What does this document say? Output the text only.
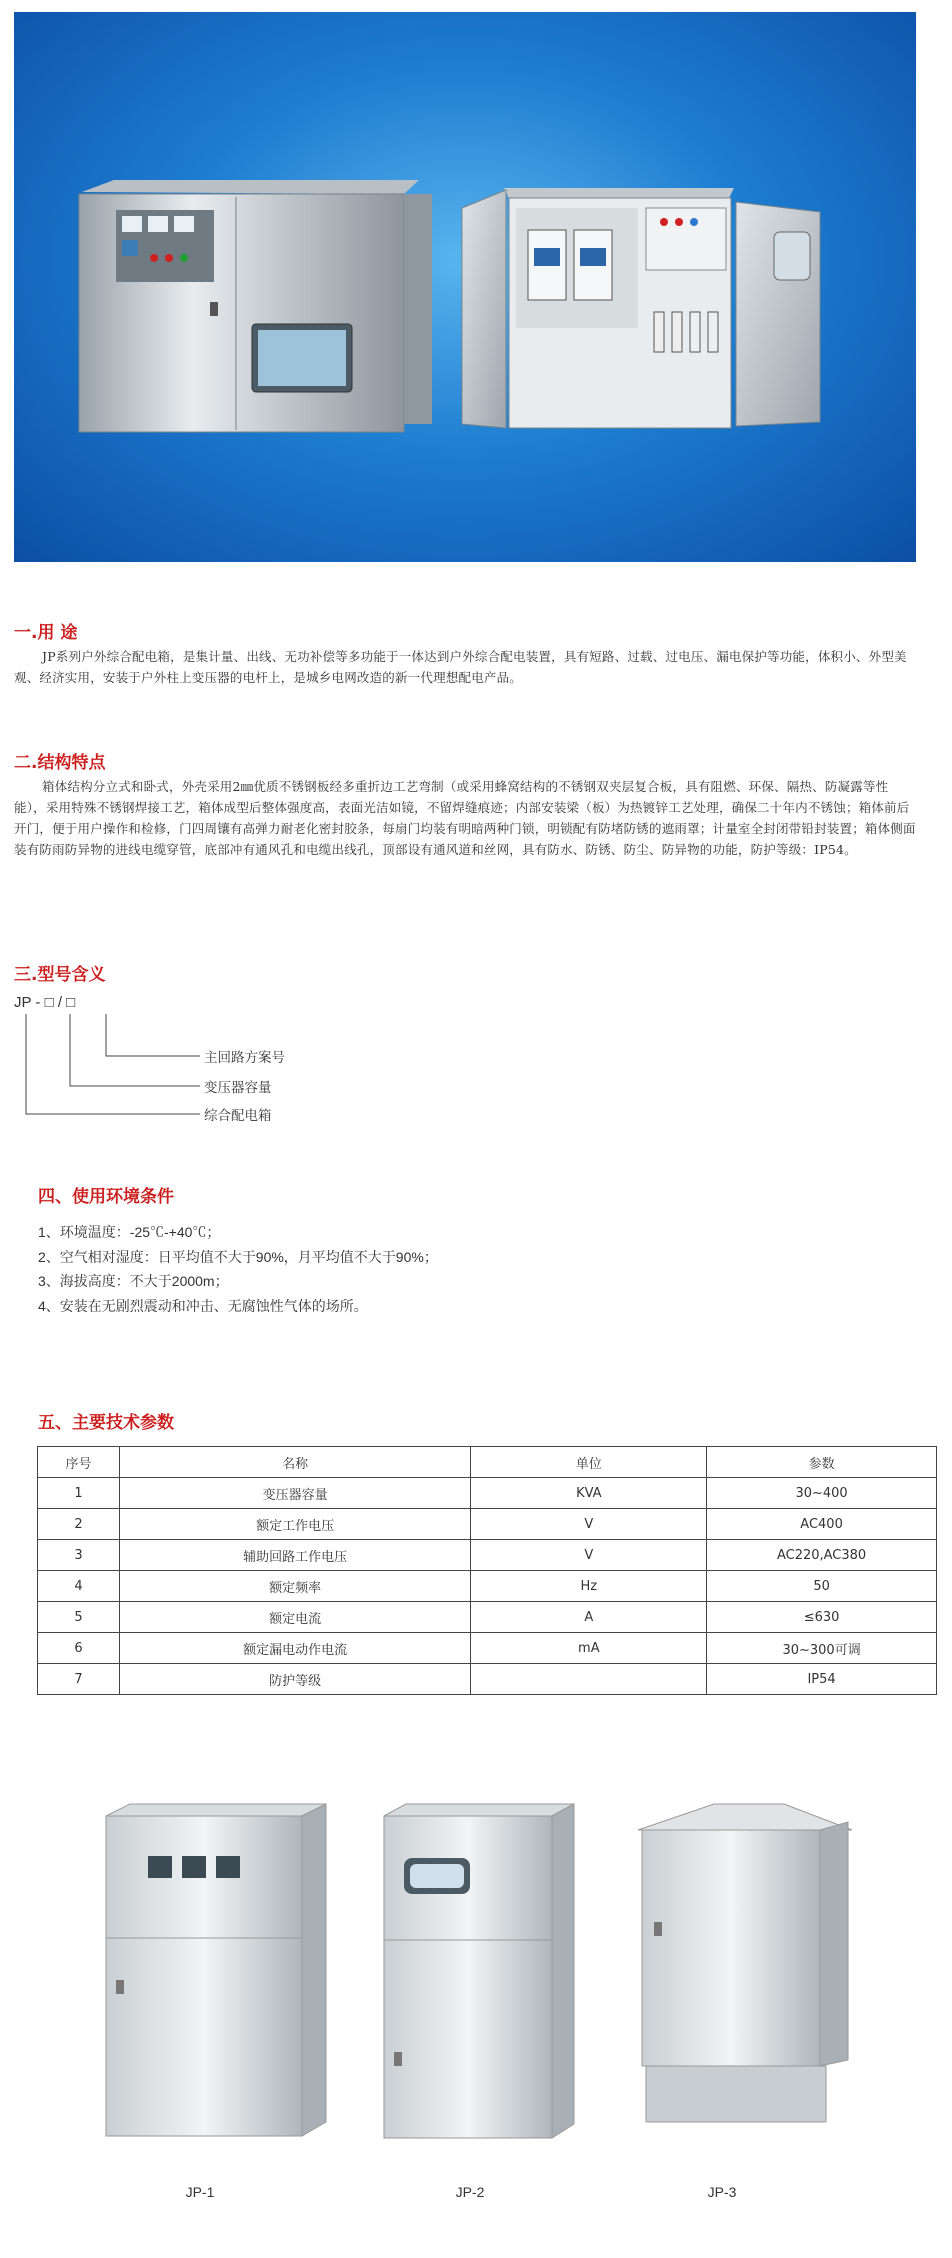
一.用 途

JP系列户外综合配电箱，是集计量、出线、无功补偿等多功能于一体达到户外综合配电装置，具有短路、过载、过电压、漏电保护等功能，体积小、外型美观、经济实用，安装于户外柱上变压器的电杆上，是城乡电网改造的新一代理想配电产品。

二.结构特点

箱体结构分立式和卧式，外壳采用2㎜优质不锈钢板经多重折边工艺弯制（或采用蜂窝结构的不锈钢双夹层复合板，具有阻燃、环保、隔热、防凝露等性能），采用特殊不锈钢焊接工艺，箱体成型后整体强度高，表面光洁如镜，不留焊缝痕迹；内部安装梁（板）为热镀锌工艺处理，确保二十年内不锈蚀；箱体前后开门，便于用户操作和检修，门四周镶有高弹力耐老化密封胶条，每扇门均装有明暗两种门锁，明锁配有防堵防锈的遮雨罩；计量室全封闭带铅封装置；箱体侧面装有防雨防异物的进线电缆穿管，底部冲有通风孔和电缆出线孔，顶部设有通风道和丝网，具有防水、防锈、防尘、防异物的功能，防护等级：IP54。

三.型号含义
JP - □ / □
主回路方案号
变压器容量
综合配电箱
四、使用环境条件
1、环境温度：-25℃-+40℃；
2、空气相对湿度：日平均值不大于90%，月平均值不大于90%；
3、海拔高度：不大于2000m；
4、安装在无剧烈震动和冲击、无腐蚀性气体的场所。
五、主要技术参数
序号	名称	单位	参数
1	变压器容量	KVA	30~400
2	额定工作电压	V	AC400
3	辅助回路工作电压	V	AC220,AC380
4	额定频率	Hz	50
5	额定电流	A	≤630
6	额定漏电动作电流	mA	30~300可调
7	防护等级		IP54
JP-1	JP-2	JP-3
